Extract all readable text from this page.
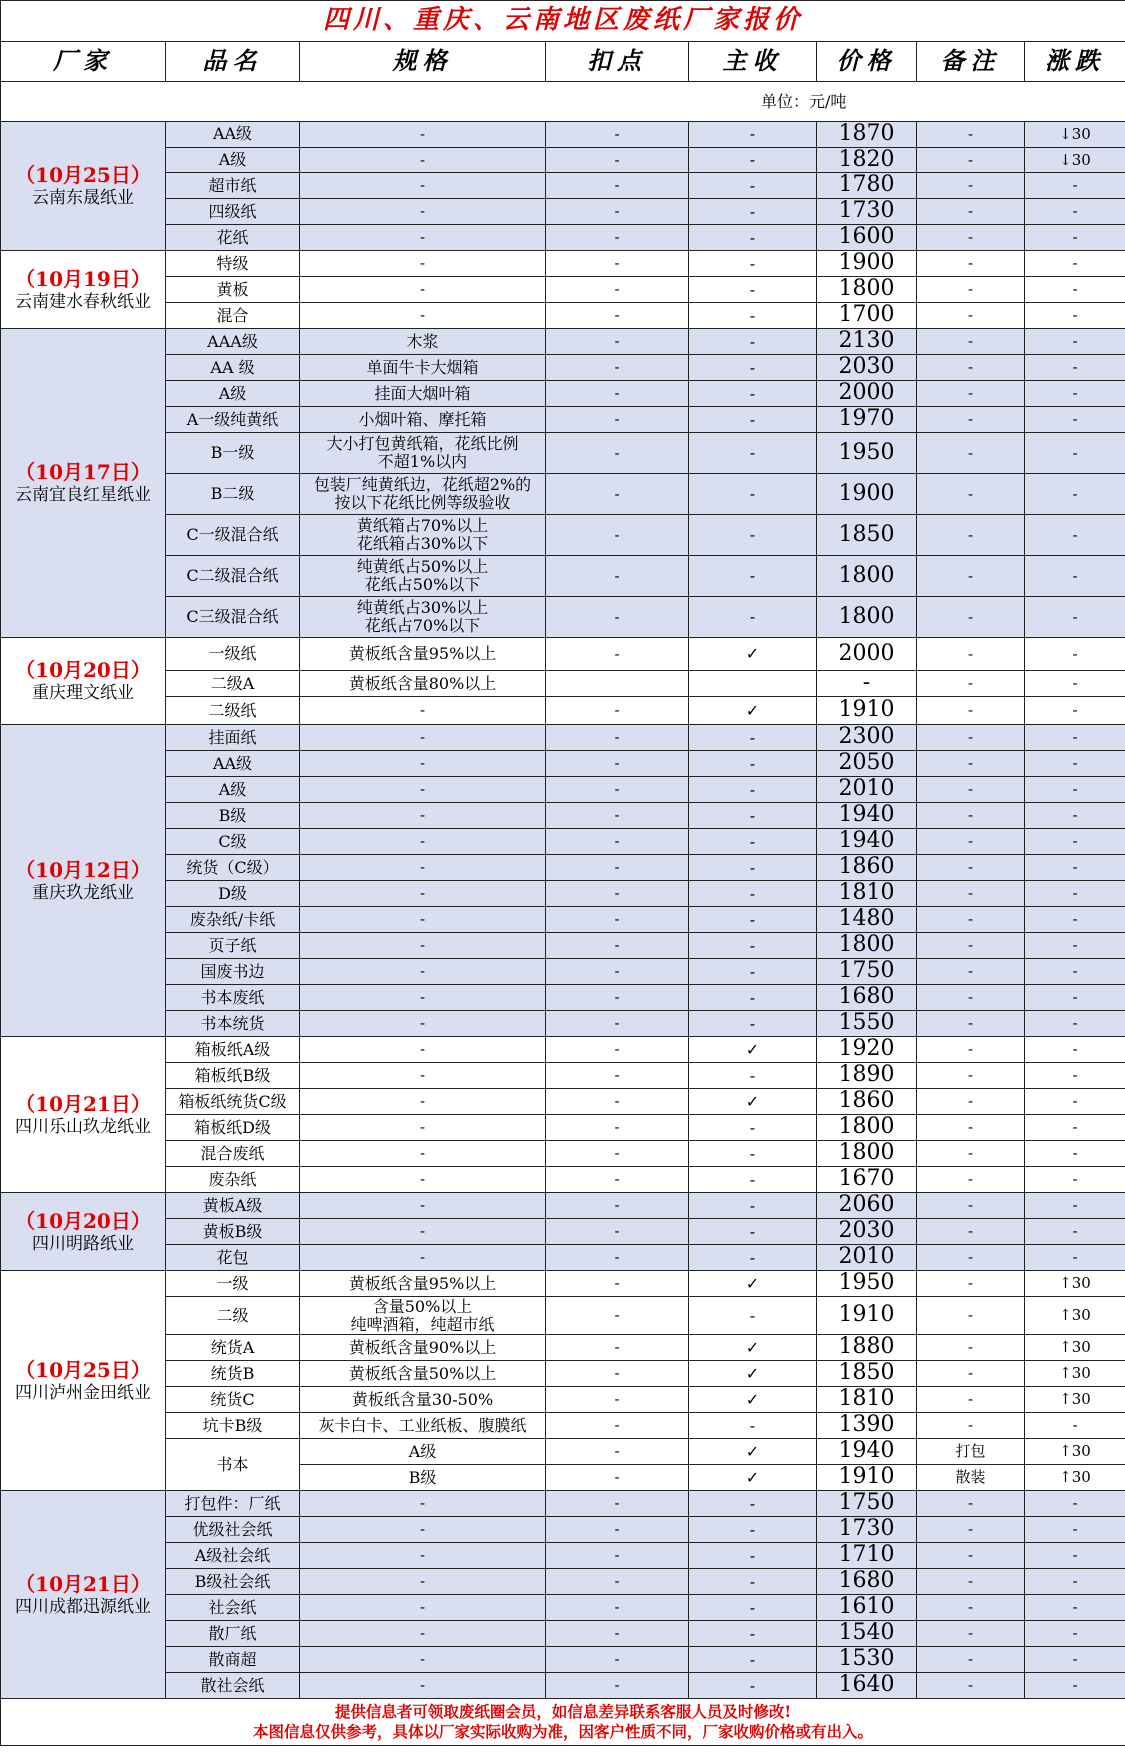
四川、重庆、云南地区废纸厂家报价							
厂家	品名	规格	扣点	主收	价格	备注	涨跌
单位：元/吨							

（10月25日）
云南东晟纸业	AA级	-	-	-	1870	-	↓30
	A级	-	-	-	1820	-	↓30
	超市纸	-	-	-	1780	-	-
	四级纸	-	-	-	1730	-	-
	花纸	-	-	-	1600	-	-

（10月19日）
云南建水春秋纸业	特级	-	-	-	1900	-	-
	黄板	-	-	-	1800	-	-
	混合	-	-	-	1700	-	-

（10月17日）
云南宜良红星纸业	AAA级	木浆	-	-	2130	-	-
	AA 级	单面牛卡大烟箱	-	-	2030	-	-
	A级	挂面大烟叶箱	-	-	2000	-	-
	A一级纯黄纸	小烟叶箱、摩托箱	-	-	1970	-	-
	B一级	大小打包黄纸箱，花纸比例
不超1%以内	-	-	1950	-	-
	B二级	包装厂纯黄纸边，花纸超2%的
按以下花纸比例等级验收	-	-	1900	-	-
	C一级混合纸	黄纸箱占70%以上
花纸箱占30%以下	-	-	1850	-	-
	C二级混合纸	纯黄纸占50%以上
花纸占50%以下	-	-	1800	-	-
	C三级混合纸	纯黄纸占30%以上
花纸占70%以下	-	-	1800	-	-

（10月20日）
重庆理文纸业	一级纸	黄板纸含量95%以上	-	✓	2000	-	-
	二级A	黄板纸含量80%以上			-	-	-
	二级纸	-	-	✓	1910	-	-

（10月12日）
重庆玖龙纸业	挂面纸	-	-	-	2300	-	-
	AA级	-	-	-	2050	-	-
	A级	-	-	-	2010	-	-
	B级	-	-	-	1940	-	-
	C级	-	-	-	1940	-	-
	统货（C级）	-	-	-	1860	-	-
	D级	-	-	-	1810	-	-
	废杂纸/卡纸	-	-	-	1480	-	-
	页子纸	-	-	-	1800	-	-
	国废书边	-	-	-	1750	-	-
	书本废纸	-	-	-	1680	-	-
	书本统货	-	-	-	1550	-	-

（10月21日）
四川乐山玖龙纸业	箱板纸A级	-	-	✓	1920	-	-
	箱板纸B级	-	-	-	1890	-	-
	箱板纸统货C级	-	-	✓	1860	-	-
	箱板纸D级	-	-	-	1800	-	-
	混合废纸	-	-	-	1800	-	-
	废杂纸	-	-	-	1670	-	-

（10月20日）
四川明路纸业	黄板A级	-	-	-	2060	-	-
	黄板B级	-	-	-	2030	-	-
	花包	-	-	-	2010	-	-

（10月25日）
四川泸州金田纸业	一级	黄板纸含量95%以上	-	✓	1950	-	↑30
	二级	含量50%以上
纯啤酒箱，纯超市纸	-	-	1910	-	↑30
	统货A	黄板纸含量90%以上	-	✓	1880	-	↑30
	统货B	黄板纸含量50%以上	-	✓	1850	-	↑30
	统货C	黄板纸含量30-50%	-	✓	1810	-	↑30
	坑卡B级	灰卡白卡、工业纸板、腹膜纸	-	-	1390	-	-
	书本	A级	-	✓	1940	打包	↑30
		B级	-	✓	1910	散装	↑30

（10月21日）
四川成都迅源纸业	打包件：厂纸	-	-	-	1750	-	-
	优级社会纸	-	-	-	1730	-	-
	A级社会纸	-	-	-	1710	-	-
	B级社会纸	-	-	-	1680	-	-
	社会纸	-	-	-	1610	-	-
	散厂纸	-	-	-	1540	-	-
	散商超	-	-	-	1530	-	-
	散社会纸	-	-	-	1640	-	-

提供信息者可领取废纸圈会员，如信息差异联系客服人员及时修改!
本图信息仅供参考，具体以厂家实际收购为准，因客户性质不同，厂家收购价格或有出入。							
